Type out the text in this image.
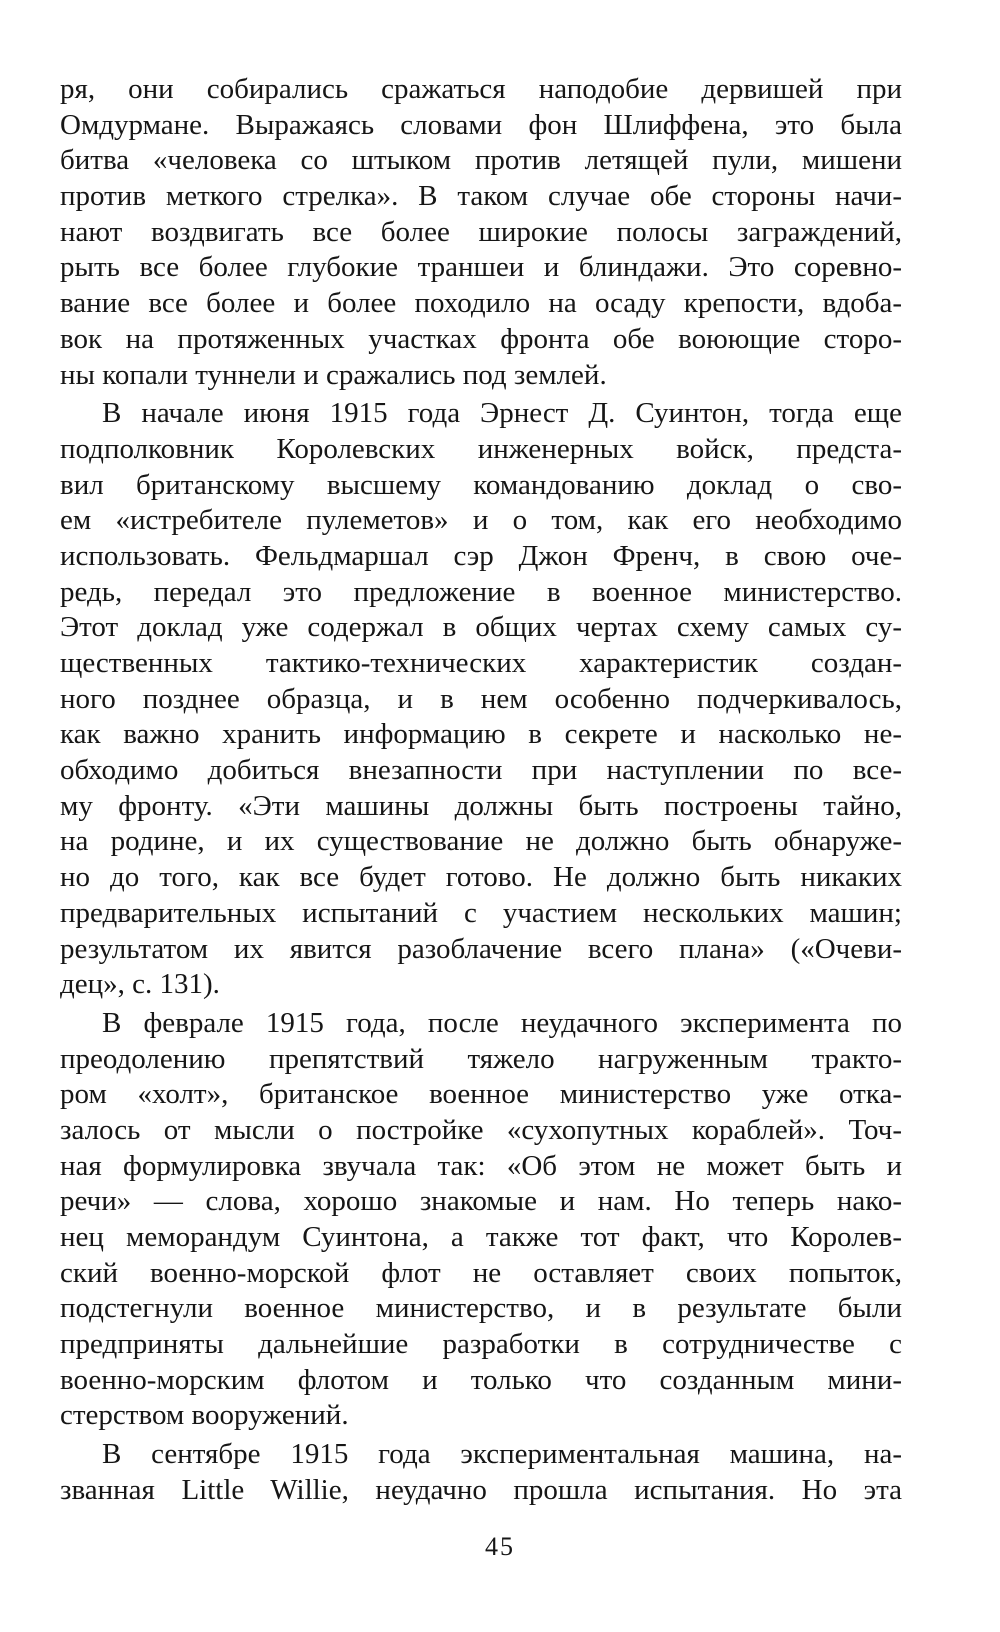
ря, они собирались сражаться наподобие дервишей при
Омдурмане. Выражаясь словами фон Шлиффена, это была
битва «человека со штыком против летящей пули, мишени
против меткого стрелка». В таком случае обе стороны начи-
нают воздвигать все более широкие полосы заграждений,
рыть все более глубокие траншеи и блиндажи. Это соревно-
вание все более и более походило на осаду крепости, вдоба-
вок на протяженных участках фронта обе воюющие сторо-
ны копали туннели и сражались под землей.
В начале июня 1915 года Эрнест Д. Суинтон, тогда еще
подполковник Королевских инженерных войск, предста-
вил британскому высшему командованию доклад о сво-
ем «истребителе пулеметов» и о том, как его необходимо
использовать. Фельдмаршал сэр Джон Френч, в свою оче-
редь, передал это предложение в военное министерство.
Этот доклад уже содержал в общих чертах схему самых су-
щественных тактико-технических характеристик создан-
ного позднее образца, и в нем особенно подчеркивалось,
как важно хранить информацию в секрете и насколько не-
обходимо добиться внезапности при наступлении по все-
му фронту. «Эти машины должны быть построены тайно,
на родине, и их существование не должно быть обнаруже-
но до того, как все будет готово. Не должно быть никаких
предварительных испытаний с участием нескольких машин;
результатом их явится разоблачение всего плана» («Очеви-
дец», с. 131).
В феврале 1915 года, после неудачного эксперимента по
преодолению препятствий тяжело нагруженным тракто-
ром «холт», британское военное министерство уже отка-
залось от мысли о постройке «сухопутных кораблей». Точ-
ная формулировка звучала так: «Об этом не может быть и
речи» — слова, хорошо знакомые и нам. Но теперь нако-
нец меморандум Суинтона, а также тот факт, что Королев-
ский военно-морской флот не оставляет своих попыток,
подстегнули военное министерство, и в результате были
предприняты дальнейшие разработки в сотрудничестве с
военно-морским флотом и только что созданным мини-
стерством вооружений.
В сентябре 1915 года экспериментальная машина, на-
званная Little Willie, неудачно прошла испытания. Но эта
45
